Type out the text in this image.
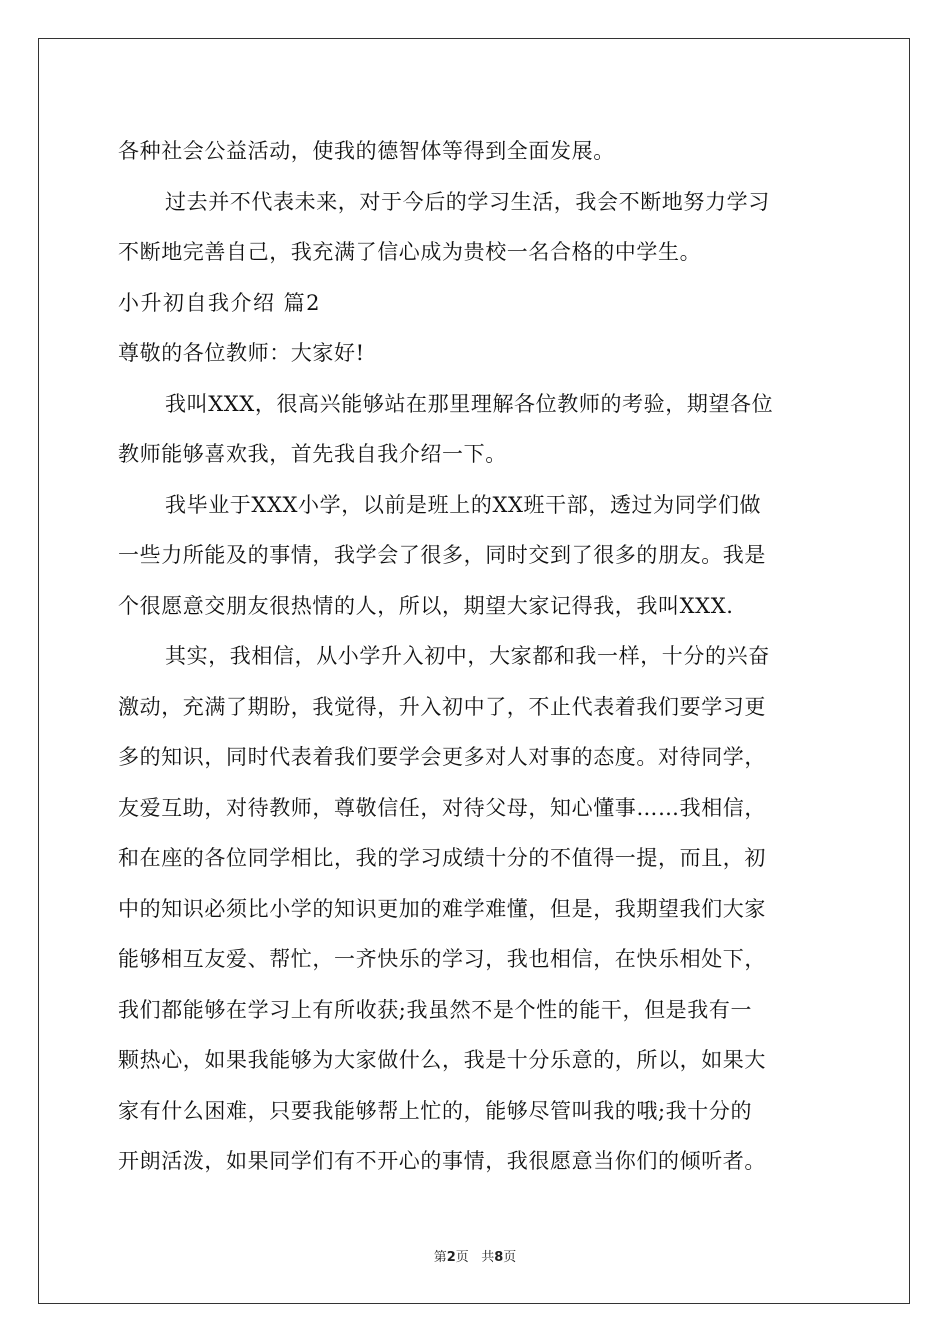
各种社会公益活动，使我的德智体等得到全面发展。
过去并不代表未来，对于今后的学习生活，我会不断地努力学习
不断地完善自己，我充满了信心成为贵校一名合格的中学生。
小升初自我介绍 篇2
尊敬的各位教师：大家好!
我叫XXX，很高兴能够站在那里理解各位教师的考验，期望各位
教师能够喜欢我，首先我自我介绍一下。
我毕业于XXX小学，以前是班上的XX班干部，透过为同学们做
一些力所能及的事情，我学会了很多，同时交到了很多的朋友。我是
个很愿意交朋友很热情的人，所以，期望大家记得我，我叫XXX.
其实，我相信，从小学升入初中，大家都和我一样，十分的兴奋
激动，充满了期盼，我觉得，升入初中了，不止代表着我们要学习更
多的知识，同时代表着我们要学会更多对人对事的态度。对待同学，
友爱互助，对待教师，尊敬信任，对待父母，知心懂事……我相信，
和在座的各位同学相比，我的学习成绩十分的不值得一提，而且，初
中的知识必须比小学的知识更加的难学难懂，但是，我期望我们大家
能够相互友爱、帮忙，一齐快乐的学习，我也相信，在快乐相处下，
我们都能够在学习上有所收获;我虽然不是个性的能干，但是我有一
颗热心，如果我能够为大家做什么，我是十分乐意的，所以，如果大
家有什么困难，只要我能够帮上忙的，能够尽管叫我的哦;我十分的
开朗活泼，如果同学们有不开心的事情，我很愿意当你们的倾听者。
第2页 共8页
